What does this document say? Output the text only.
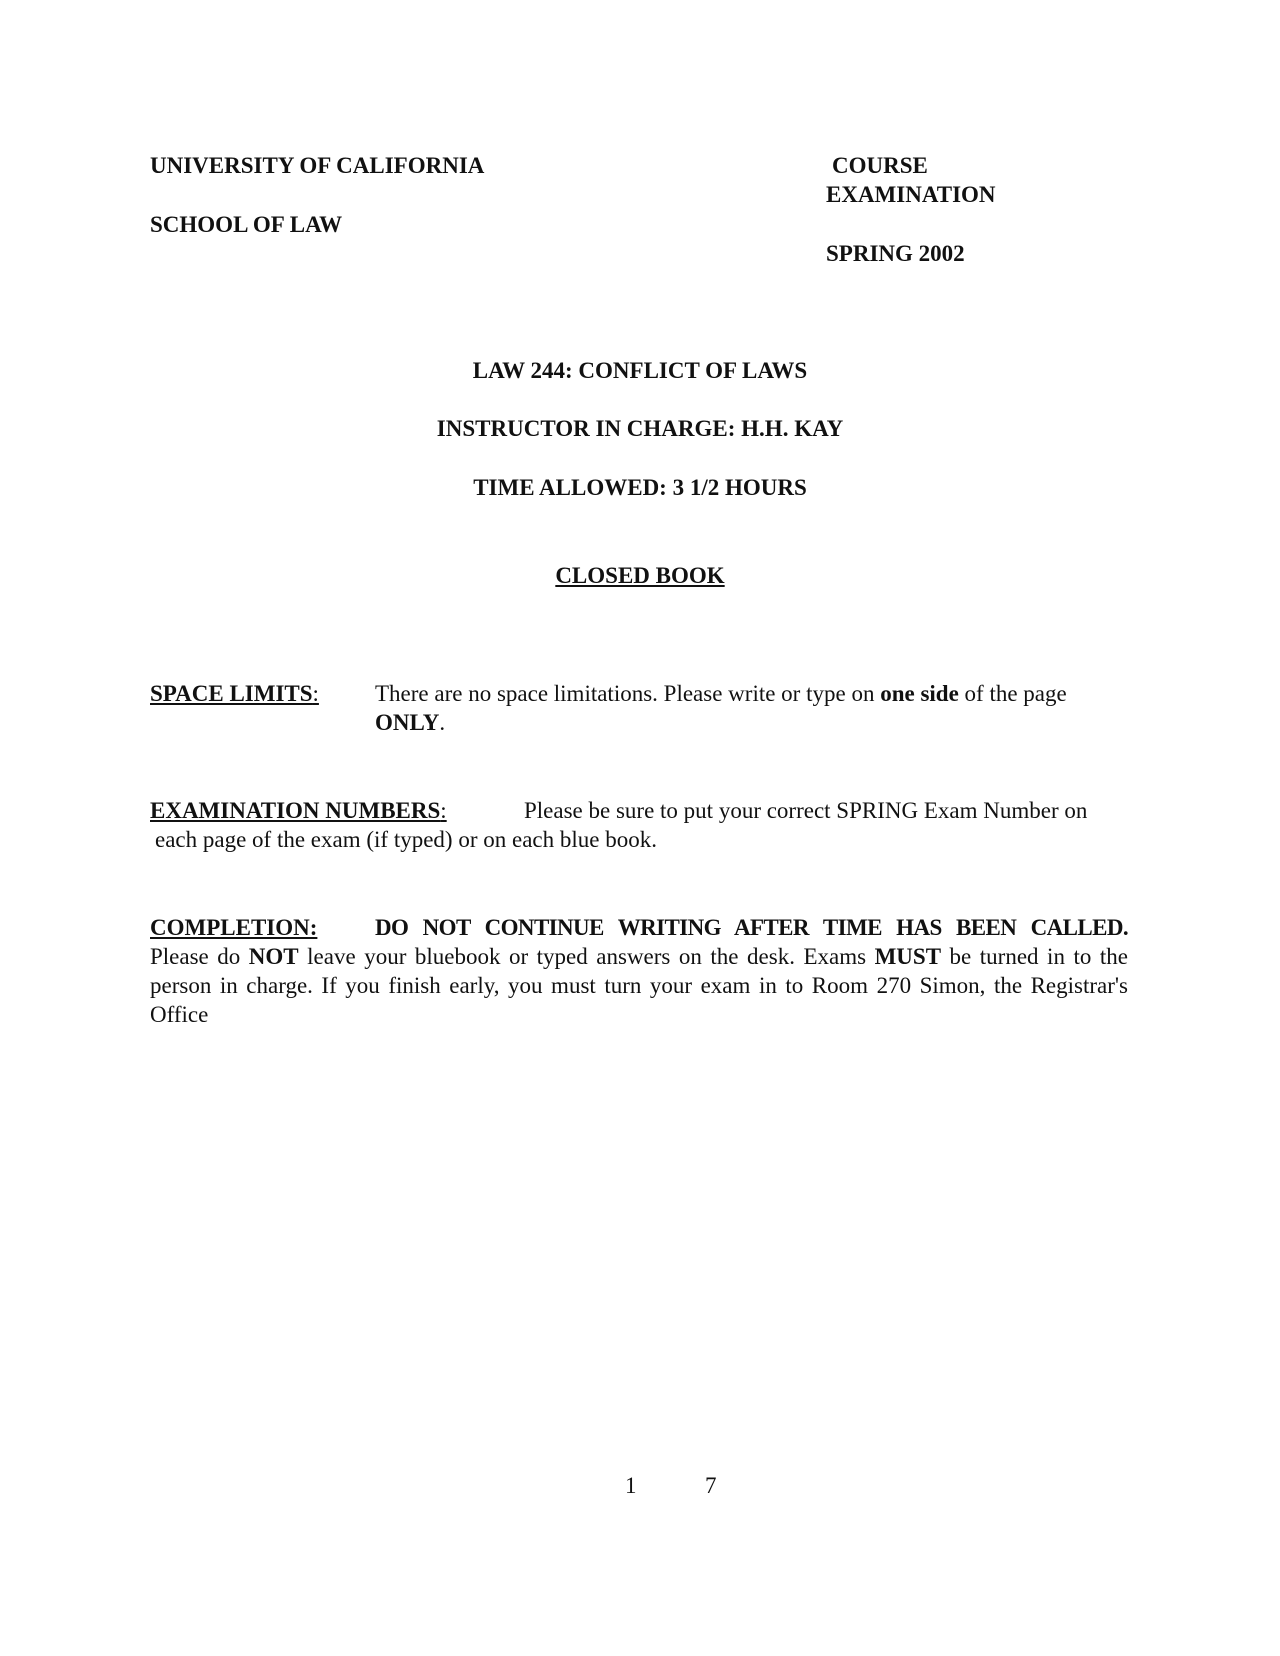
UNIVERSITY OF CALIFORNIA
SCHOOL OF LAW
COURSE
EXAMINATION
SPRING 2002
LAW 244: CONFLICT OF LAWS
INSTRUCTOR IN CHARGE: H.H. KAY
TIME ALLOWED: 3 1/2 HOURS
CLOSED BOOK
SPACE LIMITS: There are no space limitations. Please write or type on one side of the page
ONLY.
EXAMINATION NUMBERS:	Please be sure to put your correct SPRING Exam Number on
each page of the exam (if typed) or on each blue book.
COMPLETION:	DO NOT CONTINUE WRITING AFTER TIME HAS BEEN CALLED.
Please do NOT leave your bluebook or typed answers on the desk. Exams MUST be turned in to the person in charge. If you finish early, you must turn your exam in to Room 270 Simon, the Registrar's Office
1	7
